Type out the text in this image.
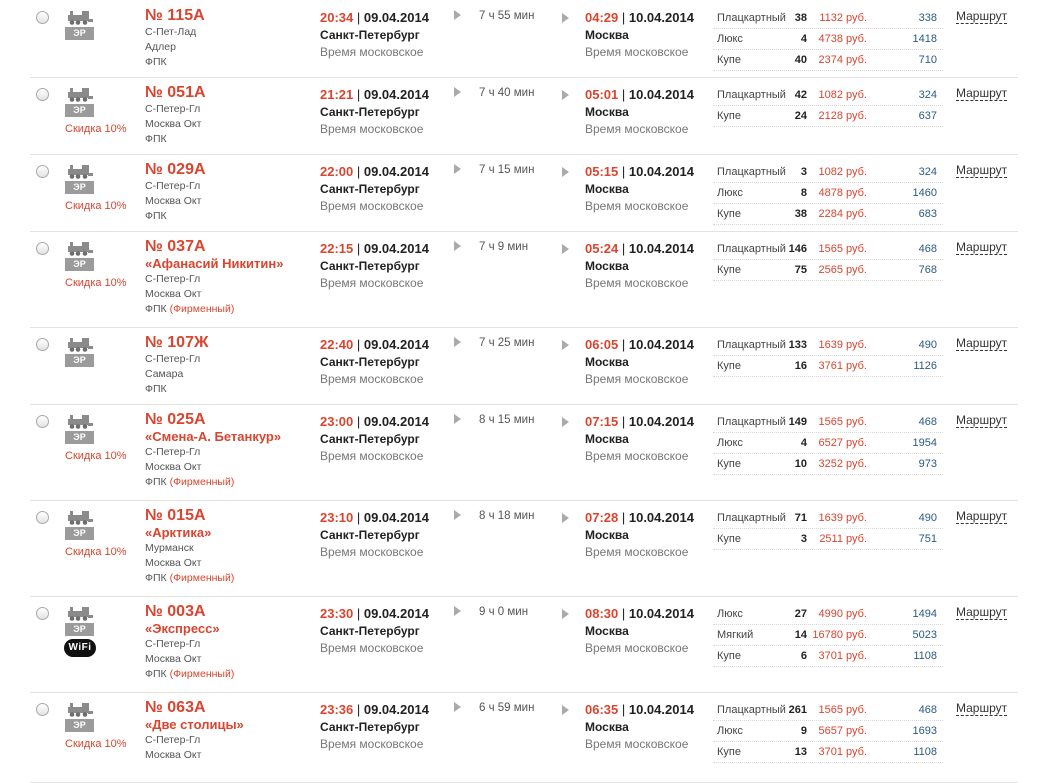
ЭР
№ 115А
С-Пет-Лад
Адлер
ФПК
20:34 | 09.04.2014
Санкт-Петербург
Время московское
7 ч 55 мин	04:29 | 10.04.2014
Москва
Время московское
Плацкартный 38	1132 руб.	338
Люкс	4	4738 руб.	1418
Купе	40	2374 руб.	710
Маршрут
ЭР
Скидка 10%
№ 051А
С-Петер-Гл
Москва Окт
ФПК
21:21 | 09.04.2014
Санкт-Петербург
Время московское
7 ч 40 мин	05:01 | 10.04.2014
Москва
Время московское
Плацкартный 42	1082 руб.	324
Купе	24	2128 руб.	637
Маршрут
ЭР
Скидка 10%
№ 029А
С-Петер-Гл
Москва Окт
ФПК
22:00 | 09.04.2014
Санкт-Петербург
Время московское
7 ч 15 мин	05:15 | 10.04.2014
Москва
Время московское
Плацкартный	3	1082 руб.	324
Люкс	8	4878 руб.	1460
Купе	38	2284 руб.	683
Маршрут
ЭР
Скидка 10%
№ 037А
«Афанасий Никитин»
С-Петер-Гл
Москва Окт
ФПК (Фирменный)
22:15 | 09.04.2014
Санкт-Петербург
Время московское
7 ч 9 мин	05:24 | 10.04.2014
Москва
Время московское
Плацкартный 146	1565 руб.	468
Купе	75	2565 руб.	768
Маршрут
ЭР
№ 107Ж
С-Петер-Гл
Самара
ФПК
22:40 | 09.04.2014
Санкт-Петербург
Время московское
7 ч 25 мин	06:05 | 10.04.2014
Москва
Время московское
Плацкартный 133	1639 руб.	490
Купе	16	3761 руб.	1126
Маршрут
ЭР
Скидка 10%
№ 025А
«Смена-А. Бетанкур»
С-Петер-Гл
Москва Окт
ФПК (Фирменный)
23:00 | 09.04.2014
Санкт-Петербург
Время московское
8 ч 15 мин	07:15 | 10.04.2014
Москва
Время московское
Плацкартный 149	1565 руб.	468
Люкс	4	6527 руб.	1954
Купе	10	3252 руб.	973
Маршрут
ЭР
Скидка 10%
№ 015А
«Арктика»
Мурманск
Москва Окт
ФПК (Фирменный)
23:10 | 09.04.2014
Санкт-Петербург
Время московское
8 ч 18 мин	07:28 | 10.04.2014
Москва
Время московское
Плацкартный 71	1639 руб.	490
Купе	3	2511 руб.	751
Маршрут
ЭР
WiFi
№ 003А
«Экспресс»
С-Петер-Гл
Москва Окт
ФПК (Фирменный)
23:30 | 09.04.2014
Санкт-Петербург
Время московское
9 ч 0 мин	08:30 | 10.04.2014
Москва
Время московское
Люкс	27	4990 руб.	1494
Мягкий	14 16780 руб.	5023
Купе	6	3701 руб.	1108
Маршрут
ЭР
Скидка 10%
№ 063А
«Две столицы»
С-Петер-Гл
Москва Окт
23:36 | 09.04.2014
Санкт-Петербург
Время московское
6 ч 59 мин	06:35 | 10.04.2014
Москва
Время московское
Плацкартный 261	1565 руб.	468
Люкс	9	5657 руб.	1693
Купе	13	3701 руб.	1108
Маршрут
